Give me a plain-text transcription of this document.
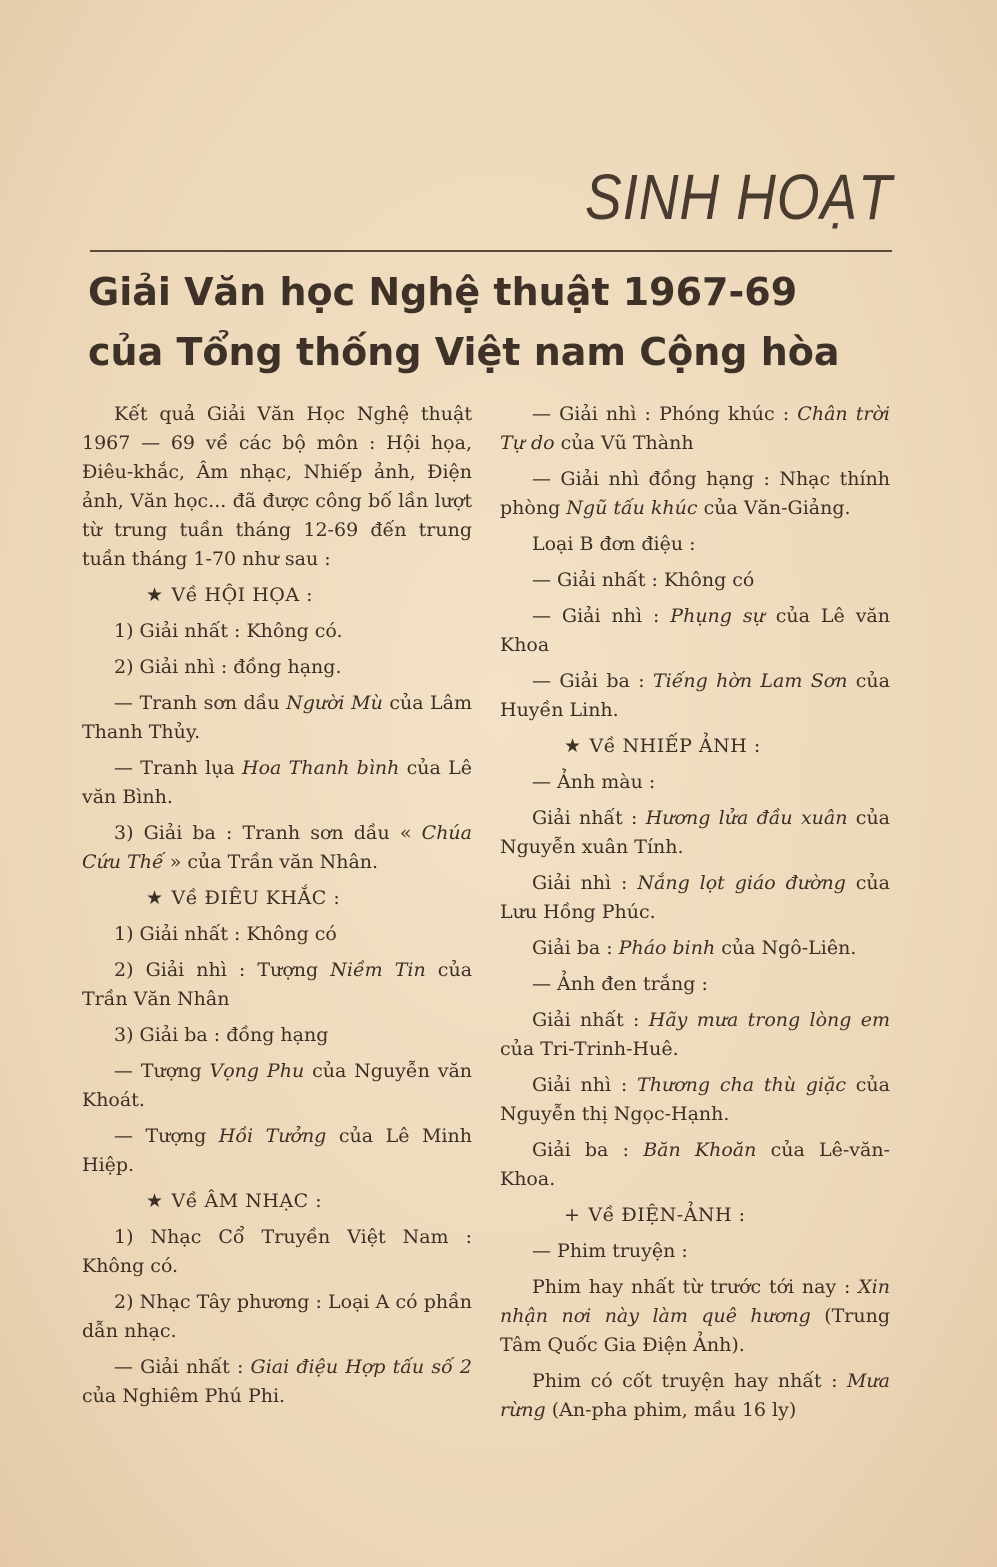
SINH HOẠT
Giải Văn học Nghệ thuật 1967-69
của Tổng thống Việt nam Cộng hòa

Kết quả Giải Văn Học Nghệ thuật 1967 — 69 về các bộ môn : Hội họa, Điêu-khắc, Âm nhạc, Nhiếp ảnh, Điện ảnh, Văn học... đã được công bố lần lượt từ trung tuần tháng 12-69 đến trung tuần tháng 1-70 như sau :

★ Về HỘI HỌA :

1) Giải nhất : Không có.

2) Giải nhì : đồng hạng.

— Tranh sơn dầu Người Mù của Lâm Thanh Thủy.

— Tranh lụa Hoa Thanh bình của Lê văn Bình.

3) Giải ba : Tranh sơn dầu « Chúa Cứu Thế » của Trần văn Nhân.

★ Về ĐIÊU KHẮC :

1) Giải nhất : Không có

2) Giải nhì : Tượng Niềm Tin của Trần Văn Nhân

3) Giải ba : đồng hạng

— Tượng Vọng Phu của Nguyễn văn Khoát.

— Tượng Hồi Tưởng của Lê Minh Hiệp.

★ Về ÂM NHẠC :

1) Nhạc Cổ Truyền Việt Nam : Không có.

2) Nhạc Tây phương : Loại A có phần dẫn nhạc.

— Giải nhất : Giai điệu Hợp tấu số 2 của Nghiêm Phú Phi.

— Giải nhì : Phóng khúc : Chân trời Tự do của Vũ Thành

— Giải nhì đồng hạng : Nhạc thính phòng Ngũ tấu khúc của Văn-Giảng.

Loại B đơn điệu :

— Giải nhất : Không có

— Giải nhì : Phụng sự của Lê văn Khoa

— Giải ba : Tiếng hờn Lam Sơn của Huyền Linh.

★ Về NHIẾP ẢNH :

— Ảnh màu :

Giải nhất : Hương lửa đầu xuân của Nguyễn xuân Tính.

Giải nhì : Nắng lọt giáo đường của Lưu Hồng Phúc.

Giải ba : Pháo binh của Ngô-Liên.

— Ảnh đen trắng :

Giải nhất : Hãy mưa trong lòng em của Tri-Trinh-Huê.

Giải nhì : Thương cha thù giặc của Nguyễn thị Ngọc-Hạnh.

Giải ba : Băn Khoăn của Lê-văn-Khoa.

+ Về ĐIỆN-ẢNH :

— Phim truyện :

Phim hay nhất từ trước tới nay : Xin nhận nơi này làm quê hương (Trung Tâm Quốc Gia Điện Ảnh).

Phim có cốt truyện hay nhất : Mưa rừng (An-pha phim, mầu 16 ly)
